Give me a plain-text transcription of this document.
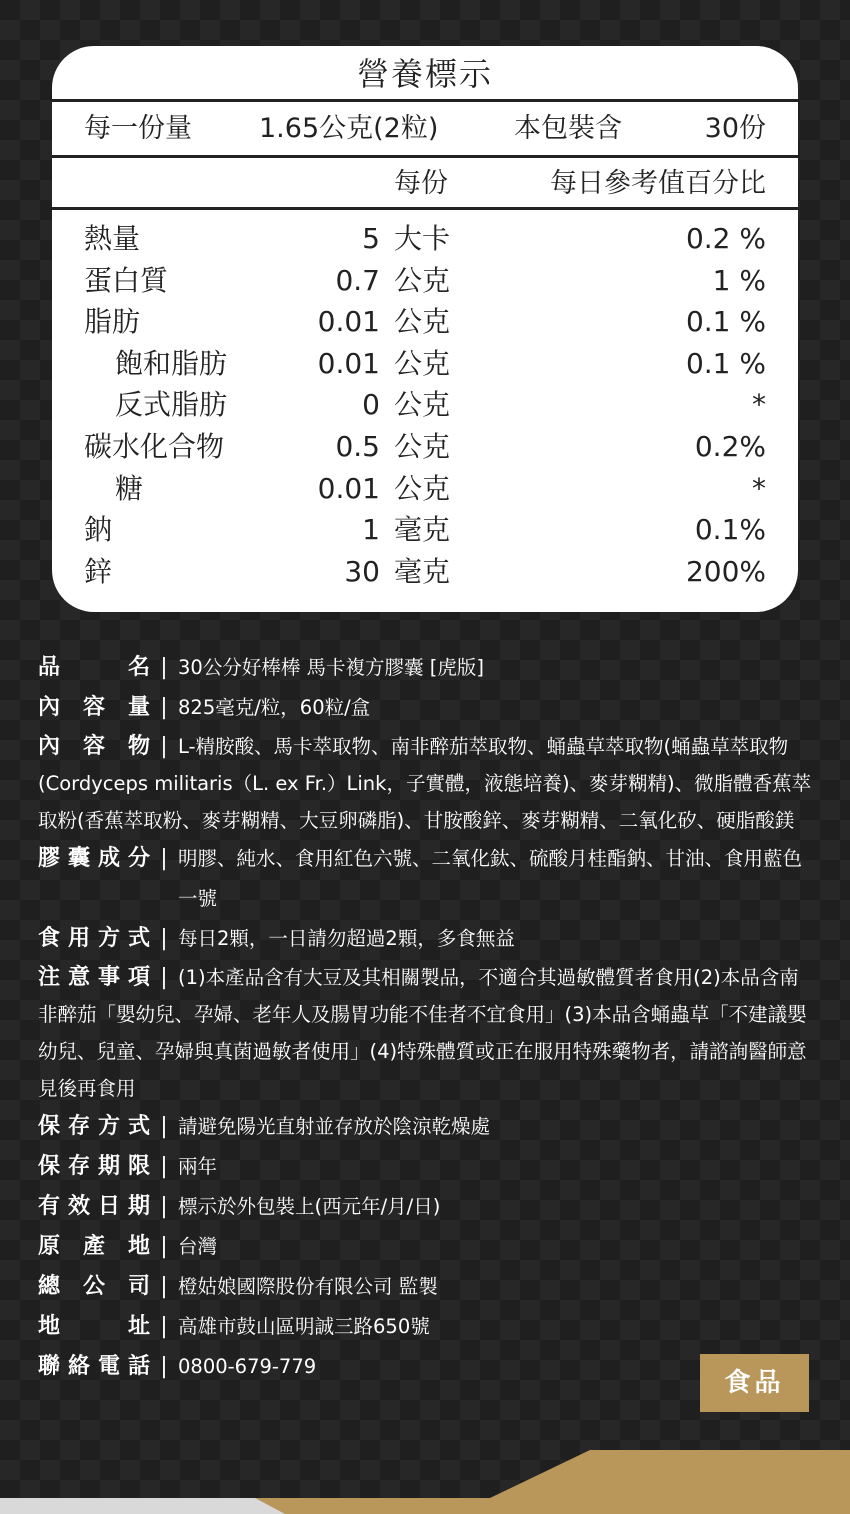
營養標示
每一份量 1.65公克(2粒)	本包裝含	30份
每份	每日參考值百分比
熱量	5 大卡	0.2 %
蛋白質	0.7 公克	1 %
脂肪	0.01 公克	0.1 %
飽和脂肪	0.01 公克	0.1 %
反式脂肪	0 公克	*
碳水化合物	0.5 公克	0.2%
糖	0.01 公克	*
鈉	1 毫克	0.1%
鋅	30 毫克	200%
品	名 | 30公分好棒棒 馬卡複方膠囊 [虎版]
內 容 量 | 825毫克/粒，60粒/盒
內 容 物 | L-精胺酸、馬卡萃取物、南非醉茄萃取物、蛹蟲草萃取物(蛹蟲草萃取物(Cordyceps militaris（L. ex Fr.）Link，子實體，液態培養)、麥芽糊精)、微脂體香蕉萃取粉(香蕉萃取粉、麥芽糊精、大豆卵磷脂)、甘胺酸鋅、麥芽糊精、二氧化矽、硬脂酸鎂
膠 囊 成 分 | 明膠、純水、食用紅色六號、二氧化鈦、硫酸月桂酯鈉、甘油、食用藍色一號
食 用 方 式 | 每日2顆，一日請勿超過2顆，多食無益
注 意 事 項 | (1)本產品含有大豆及其相關製品，不適合其過敏體質者食用(2)本品含南非醉茄「嬰幼兒、孕婦、老年人及腸胃功能不佳者不宜食用」(3)本品含蛹蟲草「不建議嬰幼兒、兒童、孕婦與真菌過敏者使用」(4)特殊體質或正在服用特殊藥物者，請諮詢醫師意見後再食用
保 存 方 式 | 請避免陽光直射並存放於陰涼乾燥處
保 存 期 限 | 兩年
有 效 日 期 | 標示於外包裝上(西元年/月/日)
原 產 地 | 台灣
總 公 司 | 橙姑娘國際股份有限公司 監製
地	址 | 高雄市鼓山區明誠三路650號
聯 絡 電 話 | 0800-679-779
食品
